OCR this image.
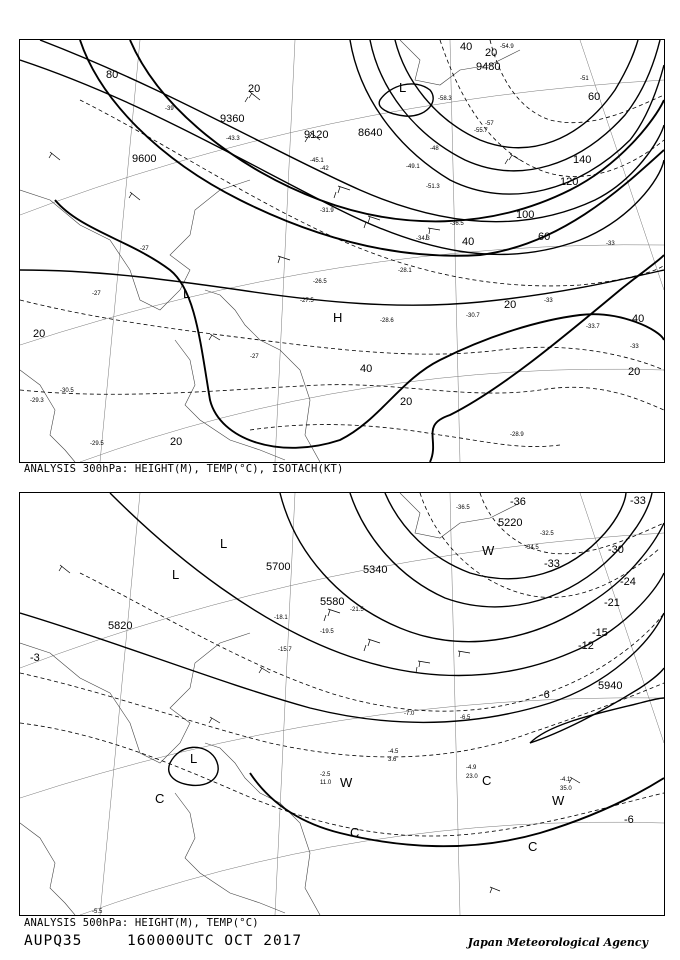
80
20
20
20
20
20
20
40
40
40	60
100
120
140
60
40 20
9360
9600
9120	8640
9480
-27
-27
-27
-33
-33
-33
-57
-48
-39
-51
-42
-26.5
-27.5
-28.1
-28.6
-28.9
-29.3
-29.5
-30.5
-30.7
-31.9
-33.7
-34.3
-36.5
-43.3
-45.1
-49.1
-51.3
-54.9
-55.7
-58.3
L
L
H
ANALYSIS 300hPa: HEIGHT(M), TEMP(°C), ISOTACH(KT)
5700
5820
5580
5940
5340
5220
-3
-6
-6
-24
-21
-15
-12
-30
-33
-36	-33
-4.9
23.0	-4.1
35.0
-4.5
3.6
-2.5
11.0
-6.5
-7.0
-5.5
-36.5
-34.5
-32.5
-21.5
-19.5
-18.1
-15.7
L
L
L
W
W
W
C
C
C
C
ANALYSIS 500hPa: HEIGHT(M), TEMP(°C)
AUPQ35	160000UTC OCT 2017	Japan Meteorological Agency
